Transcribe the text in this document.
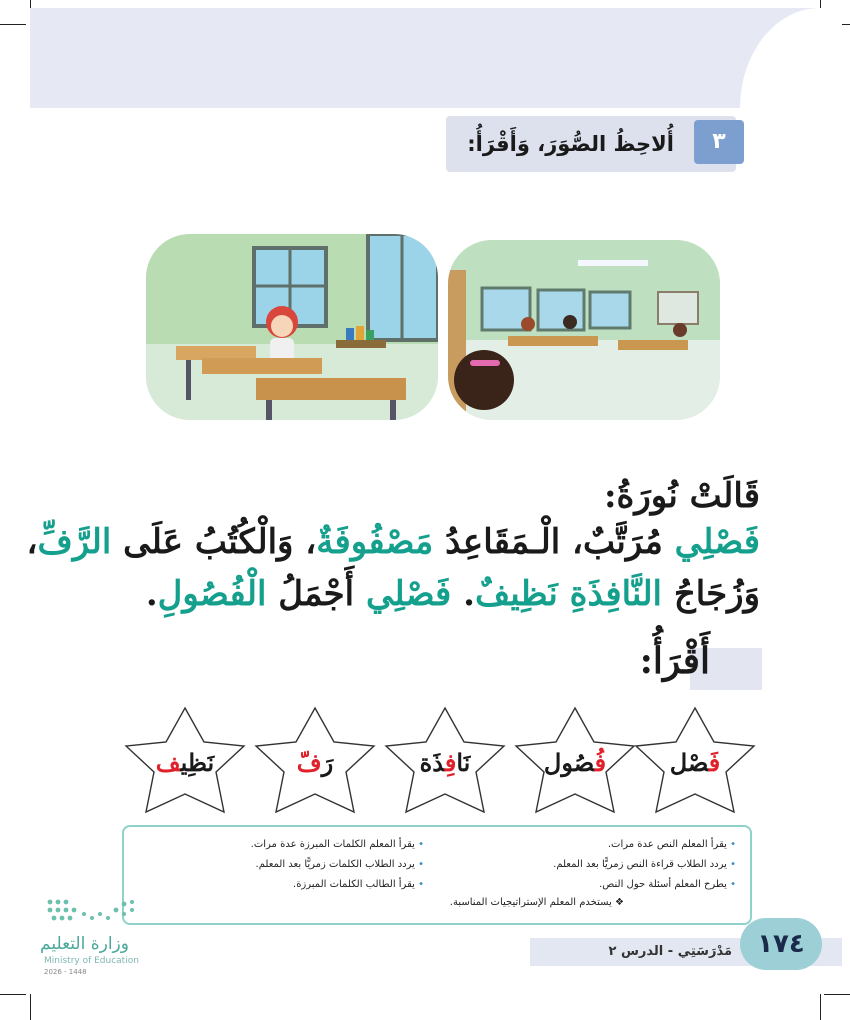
أُلاحِظُ الصُّوَرَ، وَأَقْرَأُ:	٣
قَالَتْ نُورَةُ:
فَصْلِي مُرَتَّبٌ، الْـمَقَاعِدُ مَصْفُوفَةٌ، وَالْكُتُبُ عَلَى الرَّفِّ،
وَزُجَاجُ النَّافِذَةِ نَظِيفٌ. فَصْلِي أَجْمَلُ الْفُصُولِ.
أَقْرَأُ:
فَصْل
فُصُول
نَافِذَة
رَفّ
نَظِيف
• يقرأ المعلم النص عدة مرات.
• يردد الطلاب قراءة النص زمريًّا بعد المعلم.
• يطرح المعلم أسئلة حول النص.
• يقرأ المعلم الكلمات المبرزة عدة مرات.
• يردد الطلاب الكلمات زمريًّا بعد المعلم.
• يقرأ الطالب الكلمات المبرزة.
❖ يستخدم المعلم الإستراتيجيات المناسبة.
مَدْرَسَتِي - الدرس ٢ ١٧٤
وزارة التعليم
Ministry of Education
2026 - 1448
